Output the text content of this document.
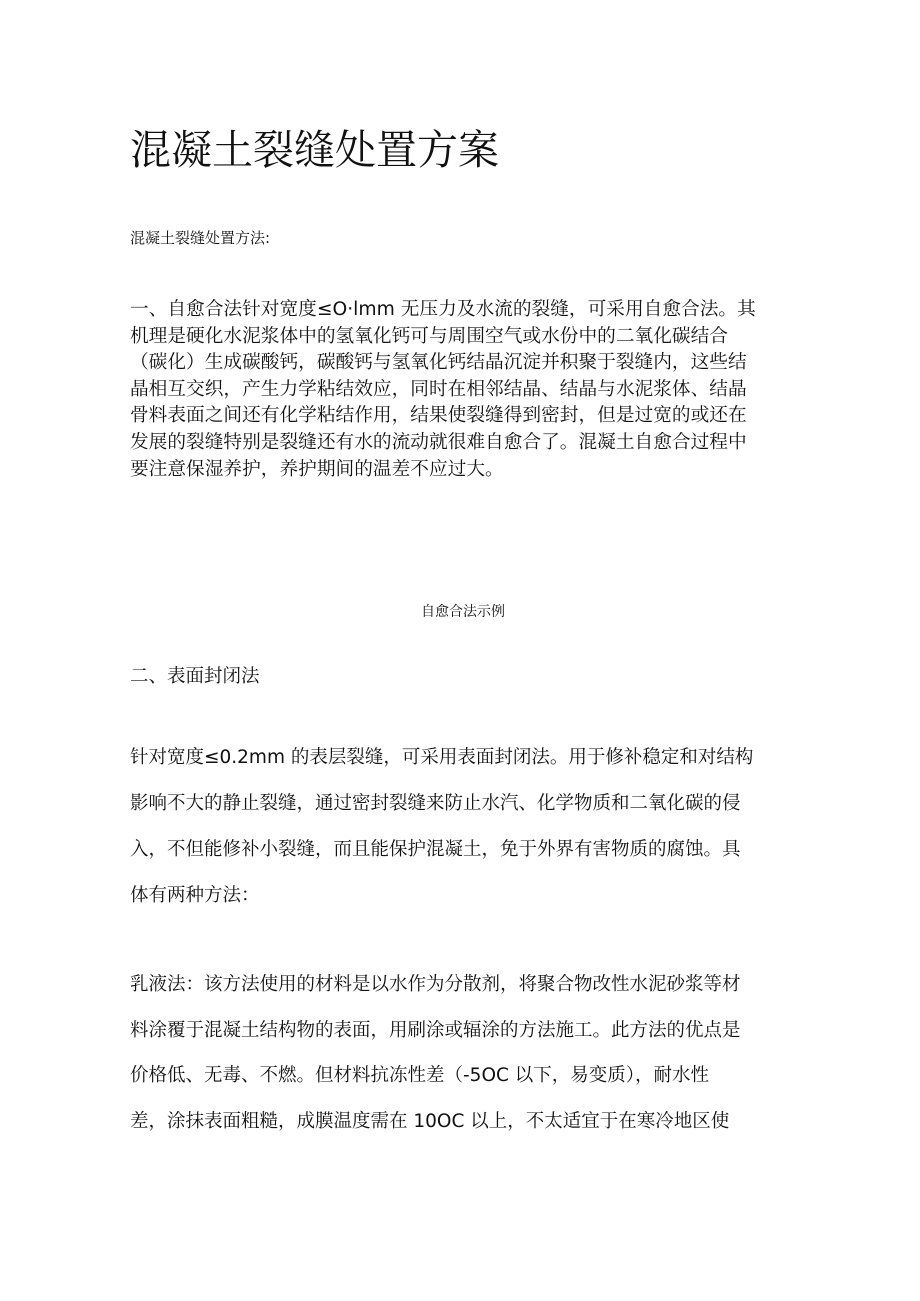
混凝土裂缝处置方案

混凝土裂缝处置方法:

一、自愈合法针对宽度≤O·lmm 无压力及水流的裂缝，可采用自愈合法。其
机理是硬化水泥浆体中的氢氧化钙可与周围空气或水份中的二氧化碳结合
（碳化）生成碳酸钙，碳酸钙与氢氧化钙结晶沉淀并积聚于裂缝内，这些结
晶相互交织，产生力学粘结效应，同时在相邻结晶、结晶与水泥浆体、结晶
骨料表面之间还有化学粘结作用，结果使裂缝得到密封，但是过宽的或还在
发展的裂缝特别是裂缝还有水的流动就很难自愈合了。混凝土自愈合过程中
要注意保湿养护，养护期间的温差不应过大。

自愈合法示例

二、表面封闭法

针对宽度≤0.2mm 的表层裂缝，可采用表面封闭法。用于修补稳定和对结构
影响不大的静止裂缝，通过密封裂缝来防止水汽、化学物质和二氧化碳的侵
入，不但能修补小裂缝，而且能保护混凝土，免于外界有害物质的腐蚀。具
体有两种方法：

乳液法：该方法使用的材料是以水作为分散剂，将聚合物改性水泥砂浆等材
料涂覆于混凝土结构物的表面，用刷涂或辐涂的方法施工。此方法的优点是
价格低、无毒、不燃。但材料抗冻性差（-5OC 以下，易变质），耐水性
差，涂抹表面粗糙，成膜温度需在 10OC 以上，不太适宜于在寒冷地区使
